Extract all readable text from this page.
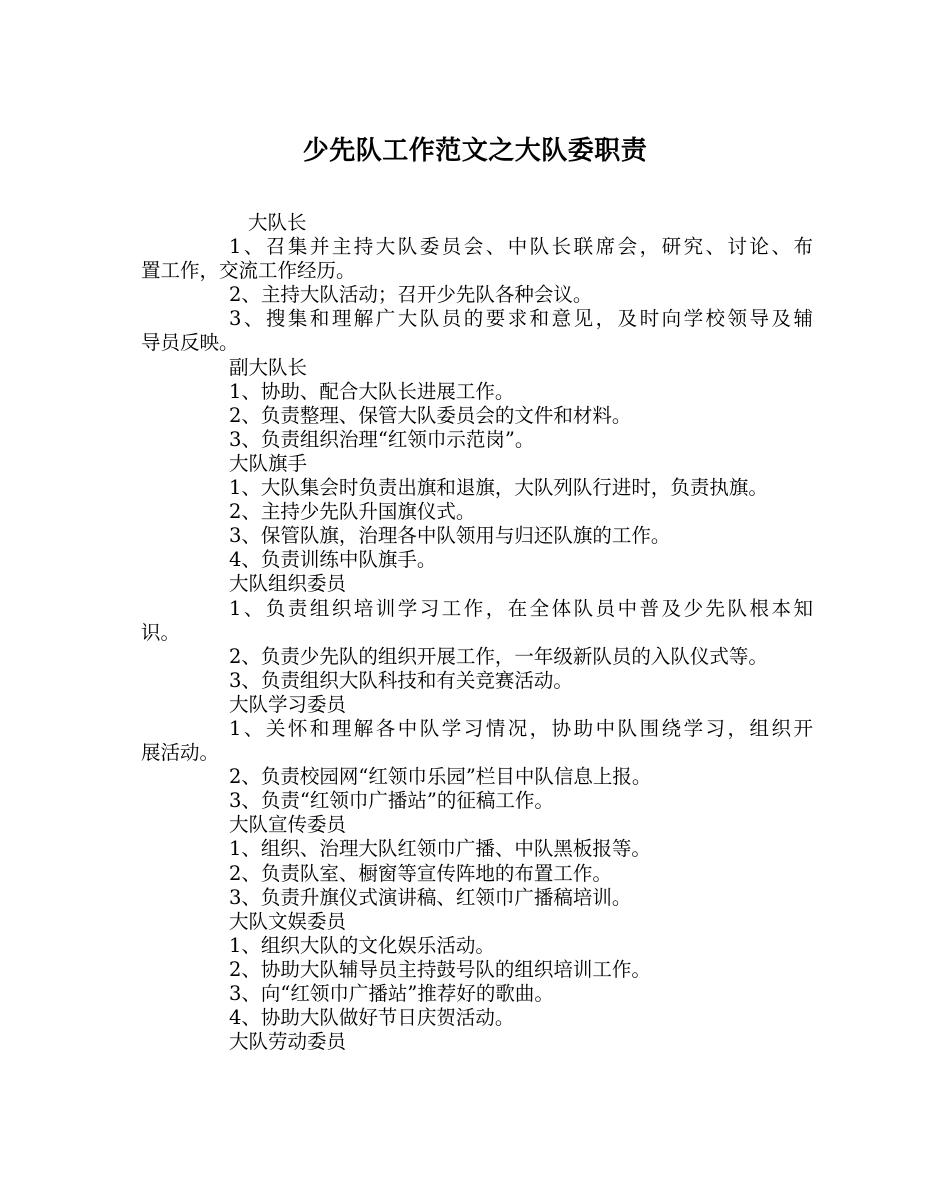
少先队工作范文之大队委职责
大队长
1、召集并主持大队委员会、中队长联席会，研究、讨论、布
置工作，交流工作经历。
2、主持大队活动；召开少先队各种会议。
3、搜集和理解广大队员的要求和意见，及时向学校领导及辅
导员反映。
副大队长
1、协助、配合大队长进展工作。
2、负责整理、保管大队委员会的文件和材料。
3、负责组织治理“红领巾示范岗”。
大队旗手
1、大队集会时负责出旗和退旗，大队列队行进时，负责执旗。
2、主持少先队升国旗仪式。
3、保管队旗，治理各中队领用与归还队旗的工作。
4、负责训练中队旗手。
大队组织委员
1、负责组织培训学习工作，在全体队员中普及少先队根本知
识。
2、负责少先队的组织开展工作，一年级新队员的入队仪式等。
3、负责组织大队科技和有关竞赛活动。
大队学习委员
1、关怀和理解各中队学习情况，协助中队围绕学习，组织开
展活动。
2、负责校园网“红领巾乐园”栏目中队信息上报。
3、负责“红领巾广播站”的征稿工作。
大队宣传委员
1、组织、治理大队红领巾广播、中队黑板报等。
2、负责队室、橱窗等宣传阵地的布置工作。
3、负责升旗仪式演讲稿、红领巾广播稿培训。
大队文娱委员
1、组织大队的文化娱乐活动。
2、协助大队辅导员主持鼓号队的组织培训工作。
3、向“红领巾广播站”推荐好的歌曲。
4、协助大队做好节日庆贺活动。
大队劳动委员
